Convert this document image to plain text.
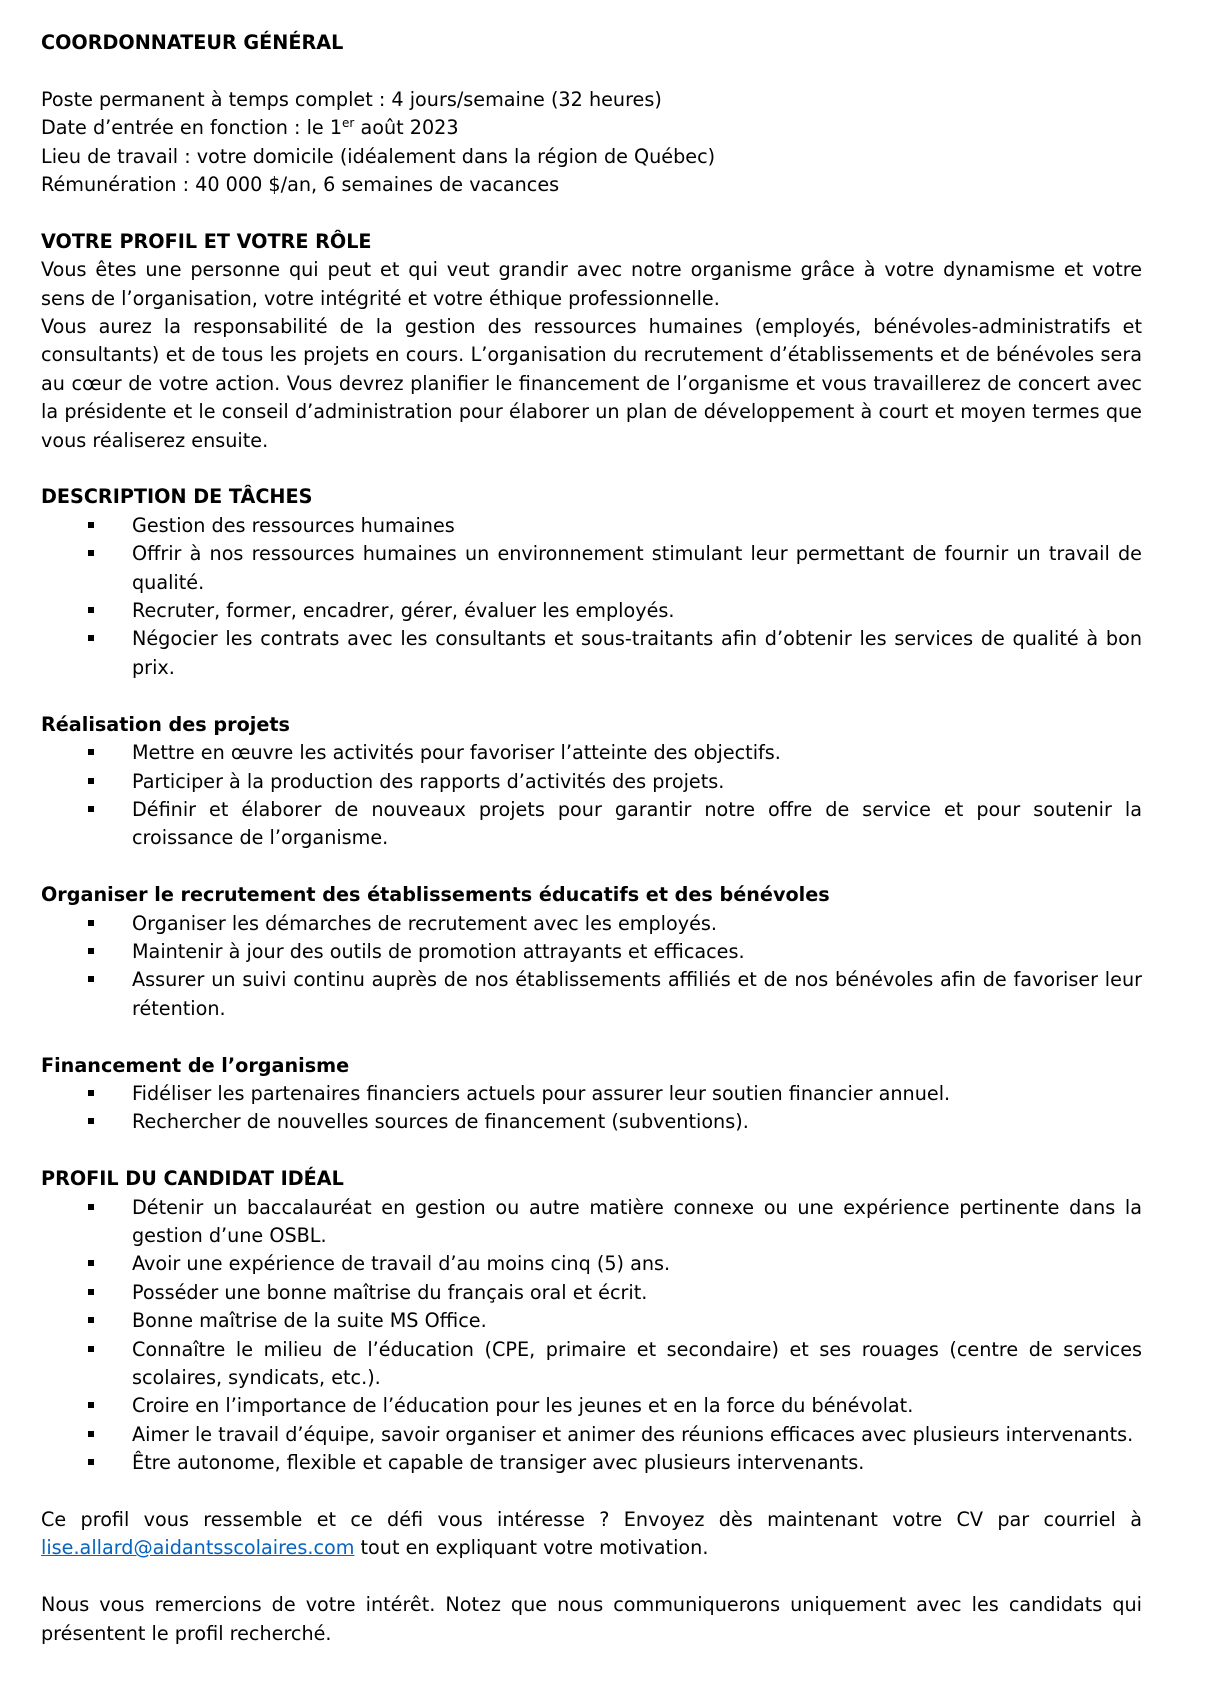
COORDONNATEUR GÉNÉRAL

Poste permanent à temps complet : 4 jours/semaine (32 heures)

Date d’entrée en fonction : le 1er août 2023

Lieu de travail : votre domicile (idéalement dans la région de Québec)

Rémunération : 40 000 $/an, 6 semaines de vacances

VOTRE PROFIL ET VOTRE RÔLE

Vous êtes une personne qui peut et qui veut grandir avec notre organisme grâce à votre dynamisme et votre sens de l’organisation, votre intégrité et votre éthique professionnelle.

Vous aurez la responsabilité de la gestion des ressources humaines (employés, bénévoles-administratifs et consultants) et de tous les projets en cours. L’organisation du recrutement d’établissements et de bénévoles sera au cœur de votre action. Vous devrez planifier le financement de l’organisme et vous travaillerez de concert avec la présidente et le conseil d’administration pour élaborer un plan de développement à court et moyen termes que vous réaliserez ensuite.

DESCRIPTION DE TÂCHES

Gestion des ressources humaines
Offrir à nos ressources humaines un environnement stimulant leur permettant de fournir un travail de qualité.
Recruter, former, encadrer, gérer, évaluer les employés.
Négocier les contrats avec les consultants et sous-traitants afin d’obtenir les services de qualité à bon prix.

Réalisation des projets

Mettre en œuvre les activités pour favoriser l’atteinte des objectifs.
Participer à la production des rapports d’activités des projets.
Définir et élaborer de nouveaux projets pour garantir notre offre de service et pour soutenir la croissance de l’organisme.

Organiser le recrutement des établissements éducatifs et des bénévoles

Organiser les démarches de recrutement avec les employés.
Maintenir à jour des outils de promotion attrayants et efficaces.
Assurer un suivi continu auprès de nos établissements affiliés et de nos bénévoles afin de favoriser leur rétention.

Financement de l’organisme

Fidéliser les partenaires financiers actuels pour assurer leur soutien financier annuel.
Rechercher de nouvelles sources de financement (subventions).

PROFIL DU CANDIDAT IDÉAL

Détenir un baccalauréat en gestion ou autre matière connexe ou une expérience pertinente dans la gestion d’une OSBL.
Avoir une expérience de travail d’au moins cinq (5) ans.
Posséder une bonne maîtrise du français oral et écrit.
Bonne maîtrise de la suite MS Office.
Connaître le milieu de l’éducation (CPE, primaire et secondaire) et ses rouages (centre de services scolaires, syndicats, etc.).
Croire en l’importance de l’éducation pour les jeunes et en la force du bénévolat.
Aimer le travail d’équipe, savoir organiser et animer des réunions efficaces avec plusieurs intervenants.
Être autonome, flexible et capable de transiger avec plusieurs intervenants.

Ce profil vous ressemble et ce défi vous intéresse ? Envoyez dès maintenant votre CV par courriel à lise.allard@aidantsscolaires.com tout en expliquant votre motivation.

Nous vous remercions de votre intérêt. Notez que nous communiquerons uniquement avec les candidats qui présentent le profil recherché.
